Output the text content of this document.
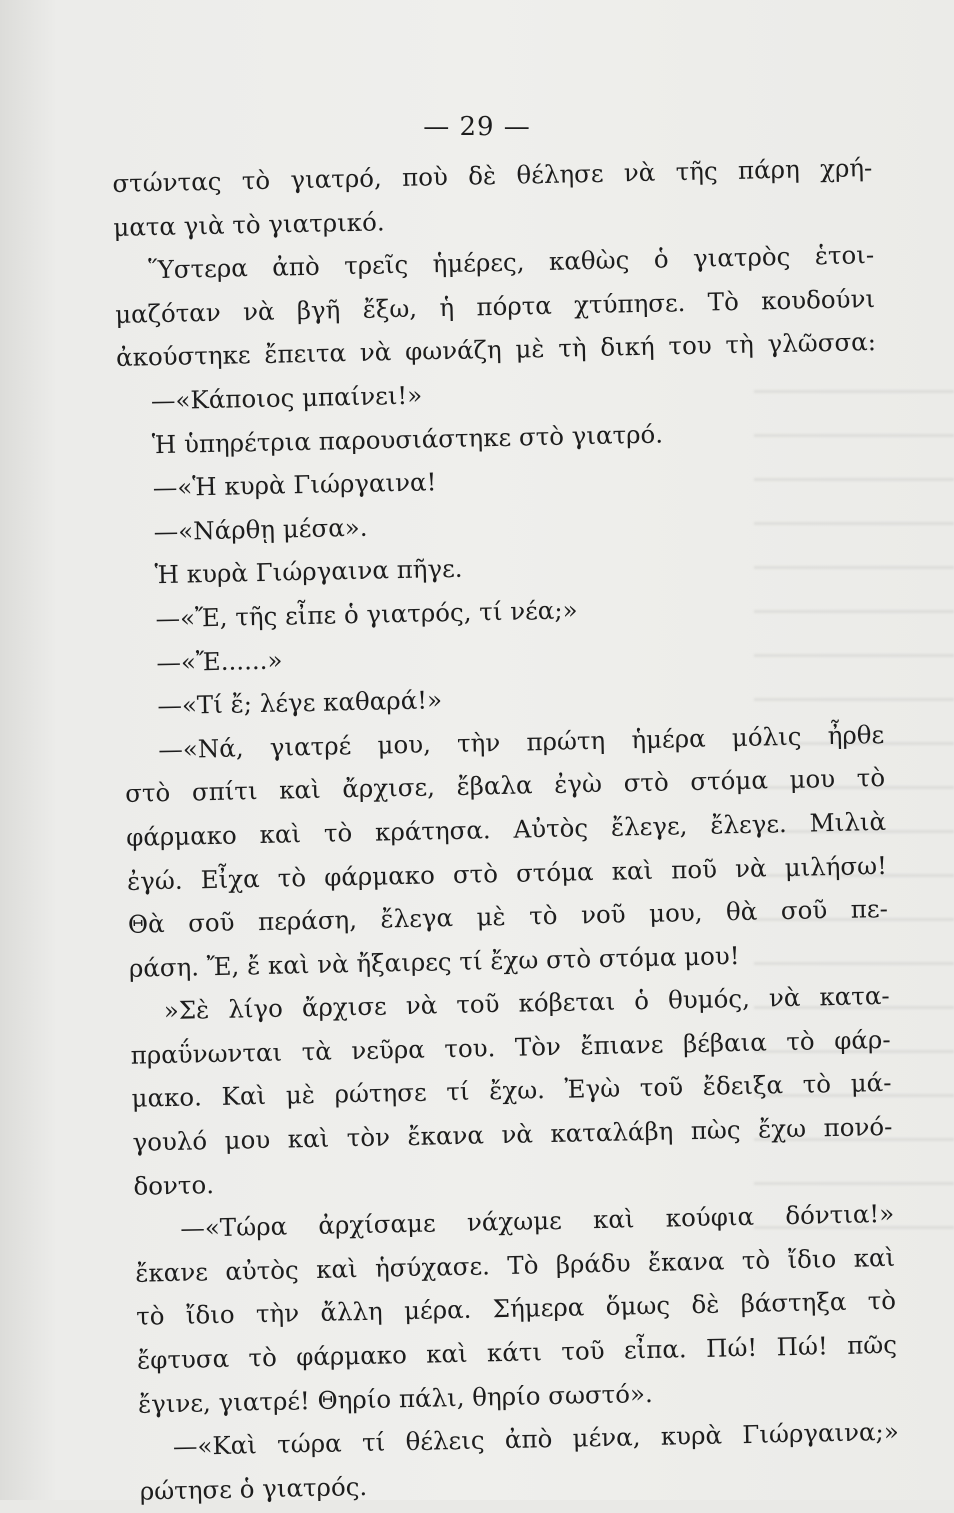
— 29 —
στώντας τὸ γιατρό, ποὺ δὲ θέλησε νὰ τῆς πάρη χρή-
ματα γιὰ τὸ γιατρικό.
Ὕστερα ἀπὸ τρεῖς ἡμέρες, καθὼς ὁ γιατρὸς ἑτοι-
μαζόταν νὰ βγῆ ἔξω, ἡ πόρτα χτύπησε. Τὸ κουδούνι
ἀκούστηκε ἔπειτα νὰ φωνάζη μὲ τὴ δική του τὴ γλῶσσα:
—«Κάποιος μπαίνει!»
Ἡ ὑπηρέτρια παρουσιάστηκε στὸ γιατρό.
—«Ἡ κυρὰ Γιώργαινα!
—«Νάρθῃ μέσα».
Ἡ κυρὰ Γιώργαινα πῆγε.
—«Ἔ, τῆς εἶπε ὁ γιατρός, τί νέα;»
—«Ἔ......»
—«Τί ἔ; λέγε καθαρά!»
—«Νά, γιατρέ μου, τὴν πρώτη ἡμέρα μόλις ἦρθε
στὸ σπίτι καὶ ἄρχισε, ἔβαλα ἐγὼ στὸ στόμα μου τὸ
φάρμακο καὶ τὸ κράτησα. Αὐτὸς ἔλεγε, ἔλεγε. Μιλιὰ
ἐγώ. Εἶχα τὸ φάρμακο στὸ στόμα καὶ ποῦ νὰ μιλήσω!
Θὰ σοῦ περάση, ἔλεγα μὲ τὸ νοῦ μου, θὰ σοῦ πε-
ράση. Ἔ, ἔ καὶ νὰ ἤξαιρες τί ἔχω στὸ στόμα μου!
»Σὲ λίγο ἄρχισε νὰ τοῦ κόβεται ὁ θυμός, νὰ κατα-
πραΰνωνται τὰ νεῦρα του. Τὸν ἔπιανε βέβαια τὸ φάρ-
μακο. Καὶ μὲ ρώτησε τί ἔχω. Ἐγὼ τοῦ ἔδειξα τὸ μά-
γουλό μου καὶ τὸν ἔκανα νὰ καταλάβη πὼς ἔχω πονό-
δοντο.
—«Τώρα ἀρχίσαμε νάχωμε καὶ κούφια δόντια!»
ἔκανε αὐτὸς καὶ ἡσύχασε. Τὸ βράδυ ἔκανα τὸ ἴδιο καὶ
τὸ ἴδιο τὴν ἄλλη μέρα. Σήμερα ὅμως δὲ βάστηξα τὸ
ἔφτυσα τὸ φάρμακο καὶ κάτι τοῦ εἶπα. Πώ! Πώ! πῶς
ἔγινε, γιατρέ! Θηρίο πάλι, θηρίο σωστό».
—«Καὶ τώρα τί θέλεις ἀπὸ μένα, κυρὰ Γιώργαινα;»
ρώτησε ὁ γιατρός.
